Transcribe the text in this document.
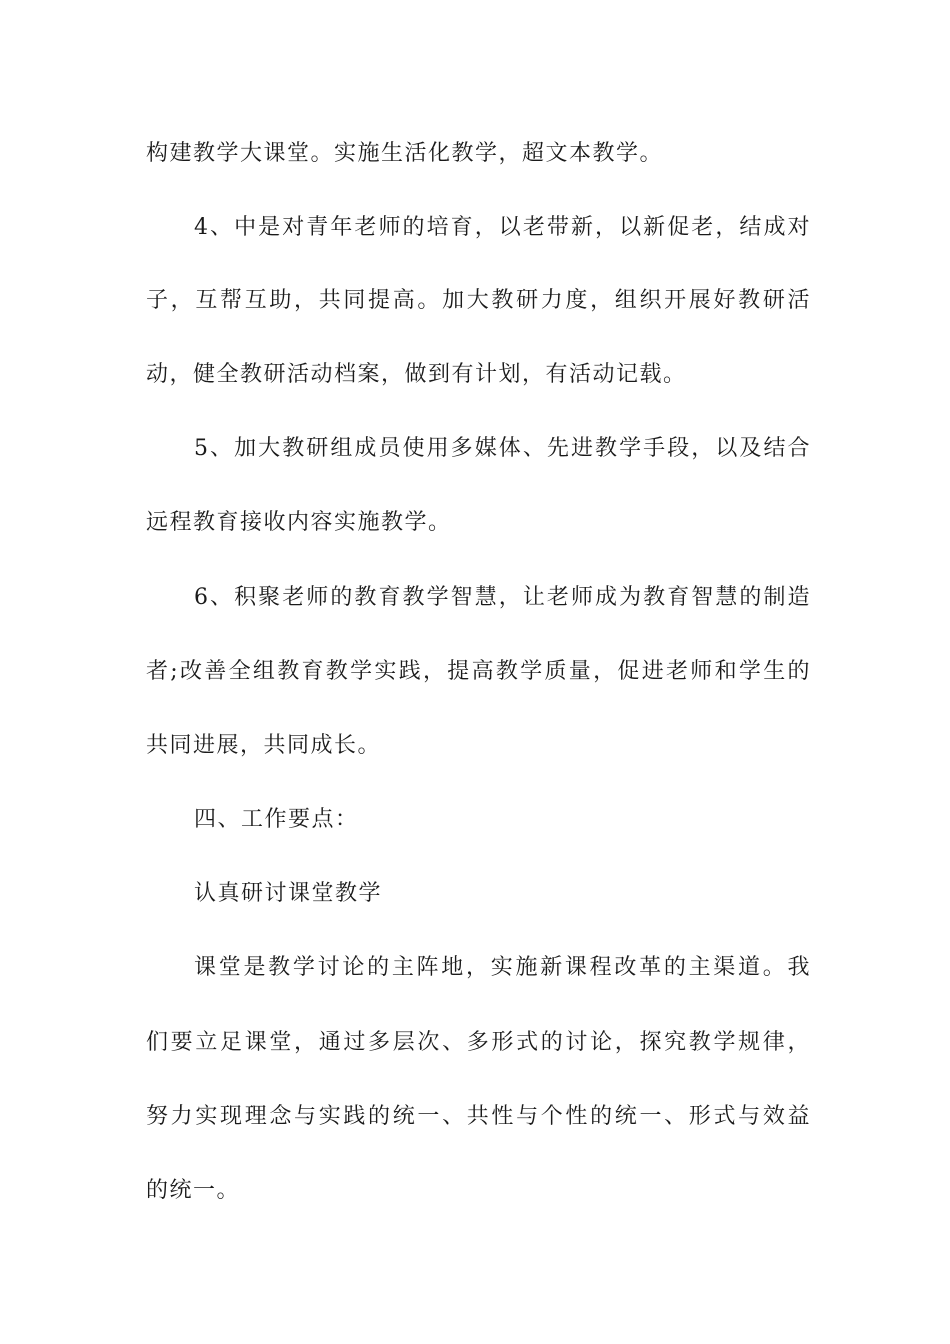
构建教学大课堂。实施生活化教学，超文本教学。
4、中是对青年老师的培育，以老带新，以新促老，结成对
子，互帮互助，共同提高。加大教研力度，组织开展好教研活
动，健全教研活动档案，做到有计划，有活动记载。
5、加大教研组成员使用多媒体、先进教学手段，以及结合
远程教育接收内容实施教学。
6、积聚老师的教育教学智慧，让老师成为教育智慧的制造
者;改善全组教育教学实践，提高教学质量，促进老师和学生的
共同进展，共同成长。
四、工作要点：
认真研讨课堂教学
课堂是教学讨论的主阵地，实施新课程改革的主渠道。我
们要立足课堂，通过多层次、多形式的讨论，探究教学规律，
努力实现理念与实践的统一、共性与个性的统一、形式与效益
的统一。
